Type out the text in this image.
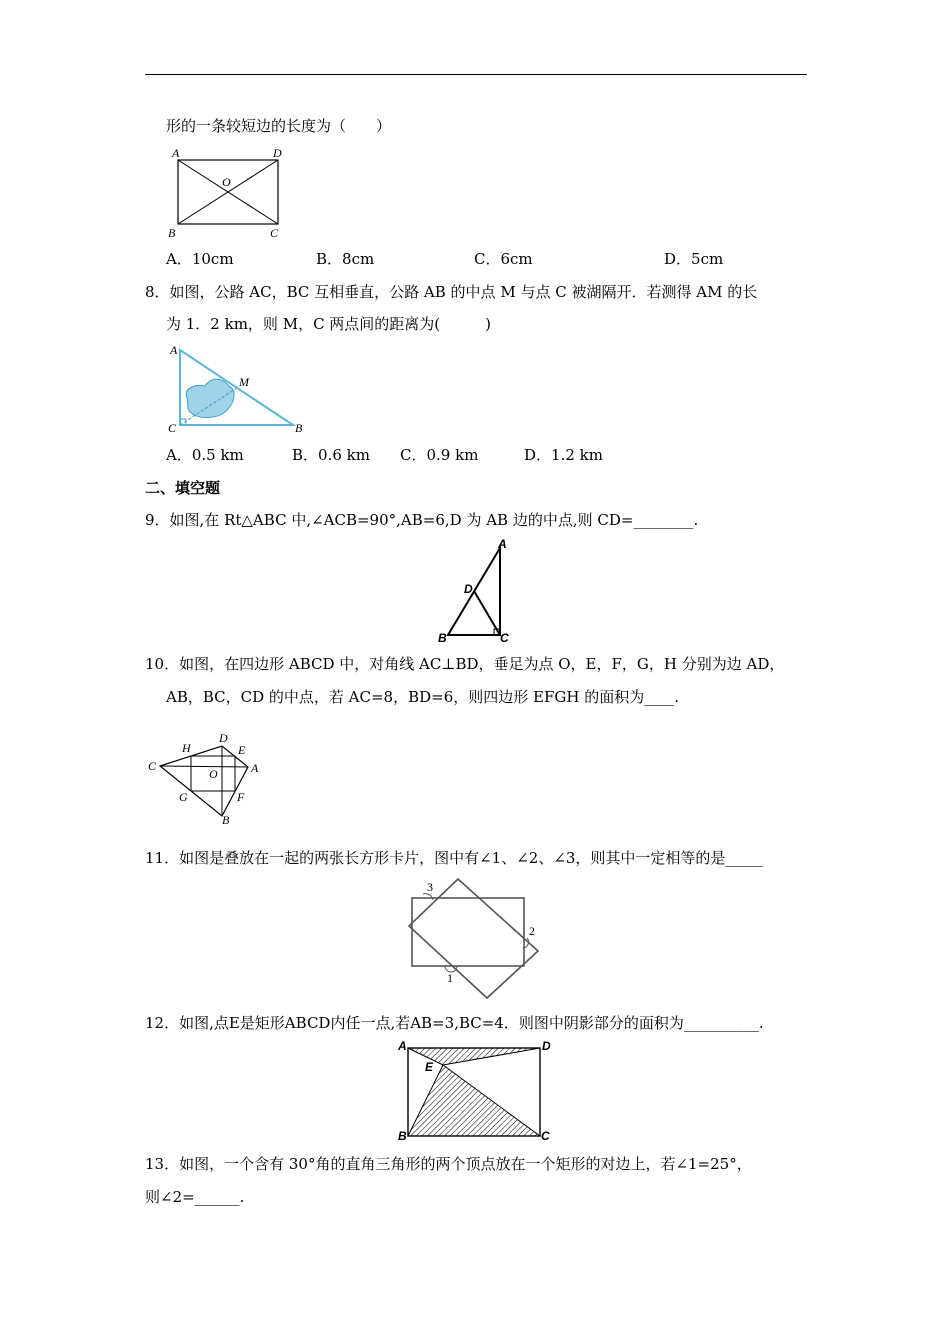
形的一条较短边的长度为（　　）
A	D
O
B	C
A．10cm	B．8cm	C．6cm	D．5cm
8．如图，公路 AC，BC 互相垂直，公路 AB 的中点 M 与点 C 被湖隔开．若测得 AM 的长
为 1．2 km，则 M，C 两点间的距离为(　　　)
A
M
C	B
A．0.5 km	B．0.6 km C．0.9 km	D．1.2 km
二、填空题
9．如图,在 Rt△ABC 中,∠ACB=90°,AB=6,D 为 AB 边的中点,则 CD=________.
A
D
B	C
10．如图，在四边形 ABCD 中，对角线 AC⊥BD，垂足为点 O，E，F，G，H 分别为边 AD，
AB，BC，CD 的中点，若 AC=8，BD=6，则四边形 EFGH 的面积为____.
D
H	E
C
O	A
G	F
B
11．如图是叠放在一起的两张长方形卡片，图中有∠1、∠2、∠3，则其中一定相等的是_____
3
2
1
12．如图,点E是矩形ABCD内任一点,若AB=3,BC=4．则图中阴影部分的面积为__________.
A	D
E
B	C
13．如图，一个含有 30°角的直角三角形的两个顶点放在一个矩形的对边上，若∠1=25°，
则∠2=______.
